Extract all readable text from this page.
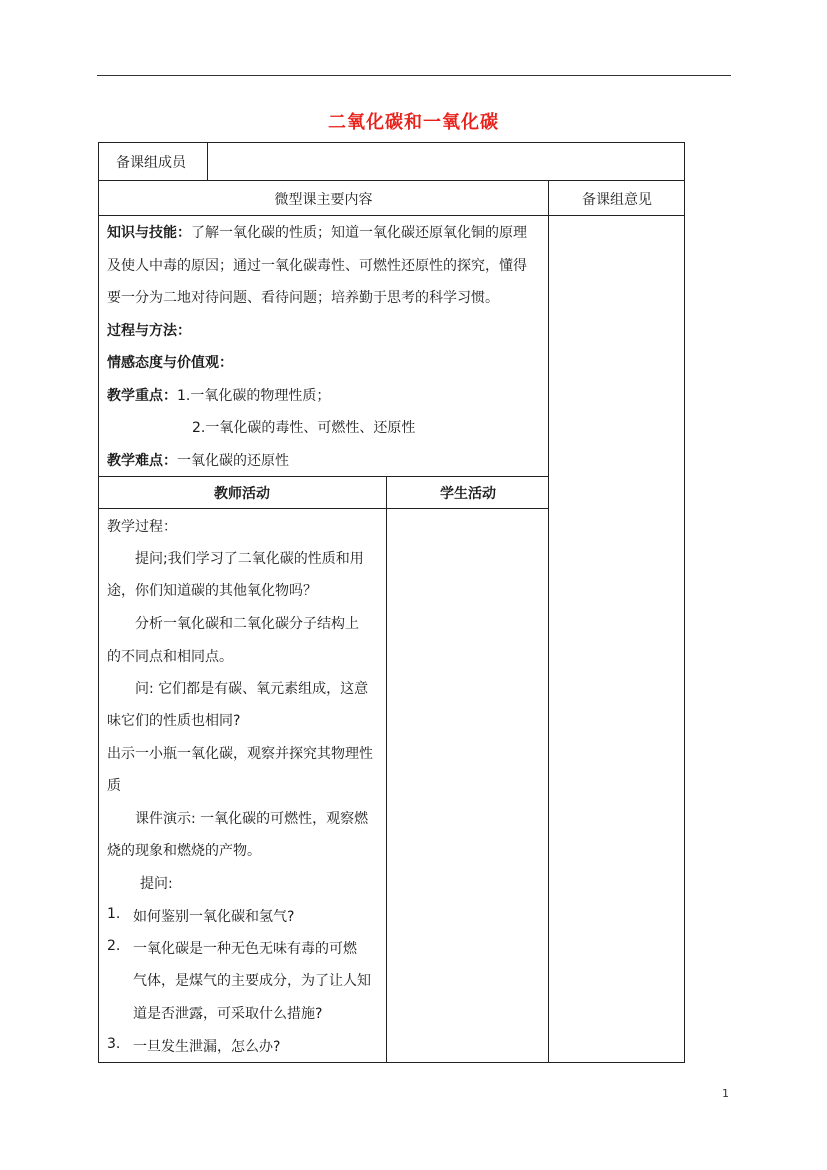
二氧化碳和一氧化碳
备课组成员
微型课主要内容	备课组意见
知识与技能：了解一氧化碳的性质；知道一氧化碳还原氧化铜的原理
及使人中毒的原因；通过一氧化碳毒性、可燃性还原性的探究，懂得
要一分为二地对待问题、看待问题；培养勤于思考的科学习惯。
过程与方法：
情感态度与价值观：
教学重点：1.一氧化碳的物理性质；
2.一氧化碳的毒性、可燃性、还原性
教学难点：一氧化碳的还原性
教师活动	学生活动
教学过程：
提问;我们学习了二氧化碳的性质和用
途，你们知道碳的其他氧化物吗？
分析一氧化碳和二氧化碳分子结构上
的不同点和相同点。
问: 它们都是有碳、氧元素组成，这意
味它们的性质也相同?
出示一小瓶一氧化碳，观察并探究其物理性
质
课件演示: 一氧化碳的可燃性，观察燃
烧的现象和燃烧的产物。
提问:
1. 如何鉴别一氧化碳和氢气?
2. 一氧化碳是一种无色无味有毒的可燃
气体，是煤气的主要成分，为了让人知
道是否泄露，可采取什么措施?
3. 一旦发生泄漏，怎么办?
1
